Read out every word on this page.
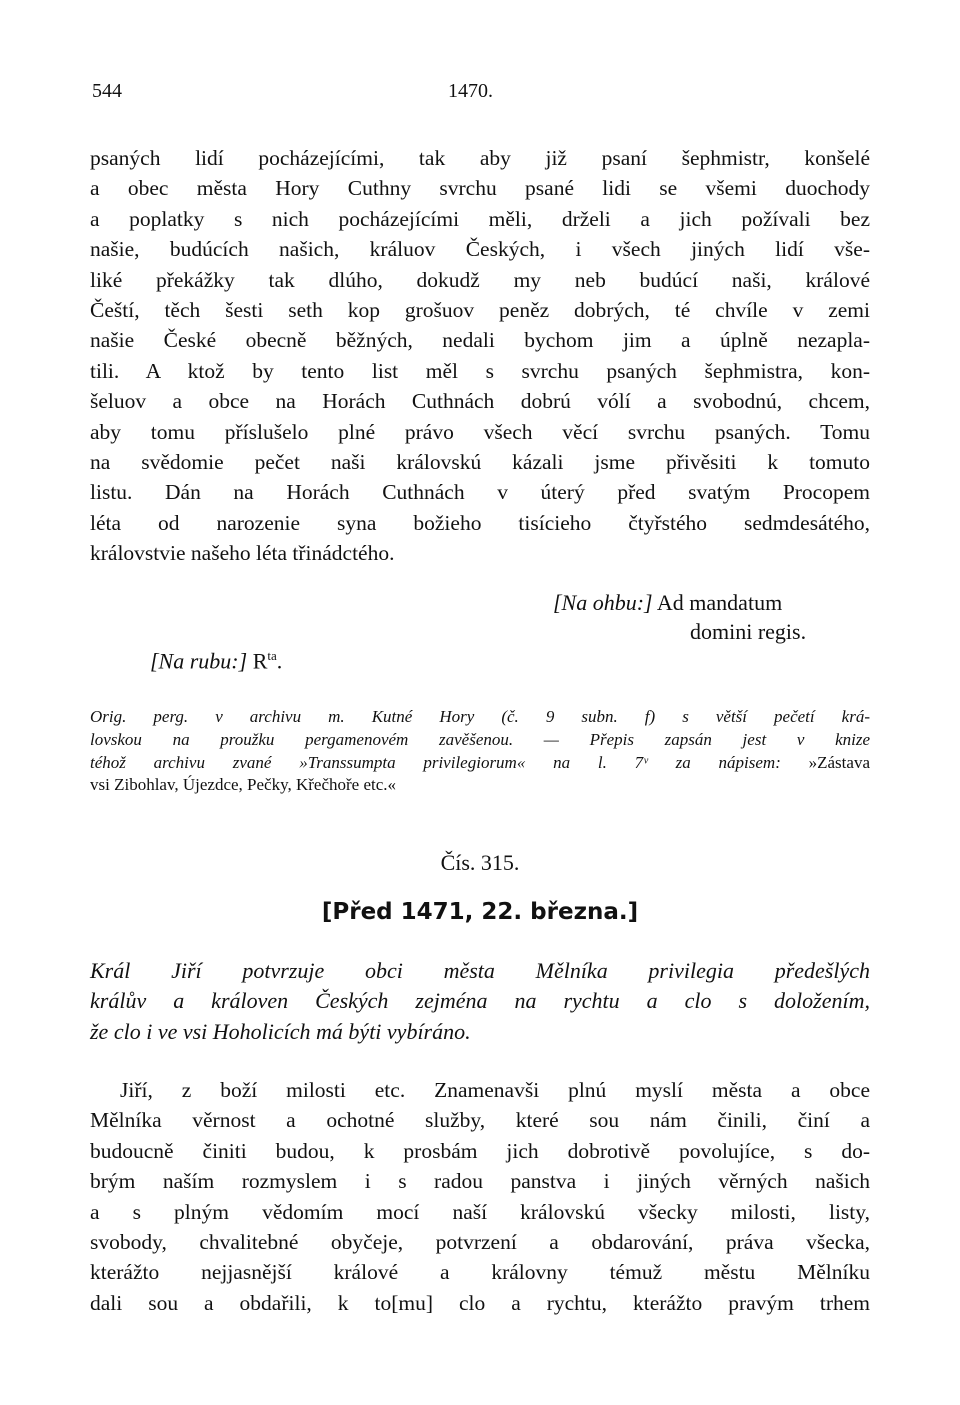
544	1470.
psaných lidí pocházejícími, tak aby již psaní šephmistr, konšelé
a obec města Hory Cuthny svrchu psané lidi se všemi duochody
a poplatky s nich pocházejícími měli, drželi a jich požívali bez
našie, budúcích našich, králuov Českých, i všech jiných lidí vše-
liké překážky tak dlúho, dokudž my neb budúcí naši, králové
Čeští, těch šesti seth kop grošuov peněz dobrých, té chvíle v zemi
našie České obecně běžných, nedali bychom jim a úplně nezapla-
tili. A ktož by tento list měl s svrchu psaných šephmistra, kon-
šeluov a obce na Horách Cuthnách dobrú vólí a svobodnú, chcem,
aby tomu příslušelo plné právo všech věcí svrchu psaných. Tomu
na svědomie pečet naši královskú kázali jsme přivěsiti k tomuto
listu. Dán na Horách Cuthnách v úterý před svatým Procopem
léta od narozenie syna božieho tisícieho čtyřstého sedmdesátého,
královstvie našeho léta třinádctého.
[Na ohbu:] Ad mandatum
domini regis.
[Na rubu:] $R^{ta}$.
Orig. perg. v archivu m. Kutné Hory (č. 9 subn. f) s větší pečetí krá-
lovskou na proužku pergamenovém zavěšenou. — Přepis zapsán jest v knize
téhož archivu zvané »Transsumpta privilegiorum« na l. 7ᵛ za nápisem: »Zástava
vsi Zibohlav, Újezdce, Pečky, Křečhoře etc.«
Čís. 315.
[Před 1471, 22. března.]
Král Jiří potvrzuje obci města Mělníka privilegia předešlých
králův a královen Českých zejména na rychtu a clo s doložením,
že clo i ve vsi Hoholicích má býti vybíráno.
Jiří, z boží milosti etc. Znamenavši plnú myslí města a obce
Mělníka věrnost a ochotné služby, které sou nám činili, činí a
budoucně činiti budou, k prosbám jich dobrotivě povolujíce, s do-
brým naším rozmyslem i s radou panstva i jiných věrných našich
a s plným vědomím mocí naší královskú všecky milosti, listy,
svobody, chvalitebné obyčeje, potvrzení a obdarování, práva všecka,
kterážto nejjasnější králové a královny témuž městu Mělníku
dali sou a obdařili, k to[mu] clo a rychtu, kterážto pravým trhem
